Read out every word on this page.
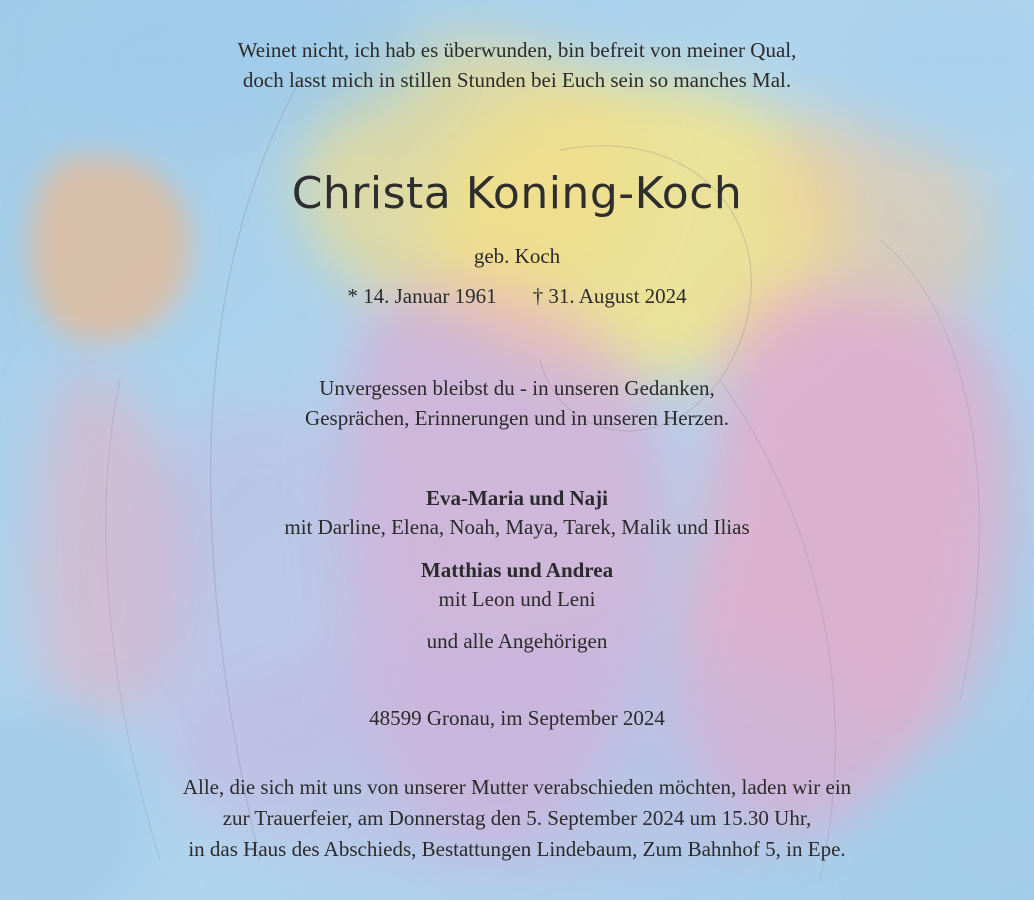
Weinet nicht, ich hab es überwunden, bin befreit von meiner Qual,
doch lasst mich in stillen Stunden bei Euch sein so manches Mal.
Christa Koning-Koch
geb. Koch
* 14. Januar 1961 † 31. August 2024
Unvergessen bleibst du - in unseren Gedanken,
Gesprächen, Erinnerungen und in unseren Herzen.
Eva-Maria und Naji
mit Darline, Elena, Noah, Maya, Tarek, Malik und Ilias
Matthias und Andrea
mit Leon und Leni
und alle Angehörigen
48599 Gronau, im September 2024
Alle, die sich mit uns von unserer Mutter verabschieden möchten, laden wir ein
zur Trauerfeier, am Donnerstag den 5. September 2024 um 15.30 Uhr,
in das Haus des Abschieds, Bestattungen Lindebaum, Zum Bahnhof 5, in Epe.
